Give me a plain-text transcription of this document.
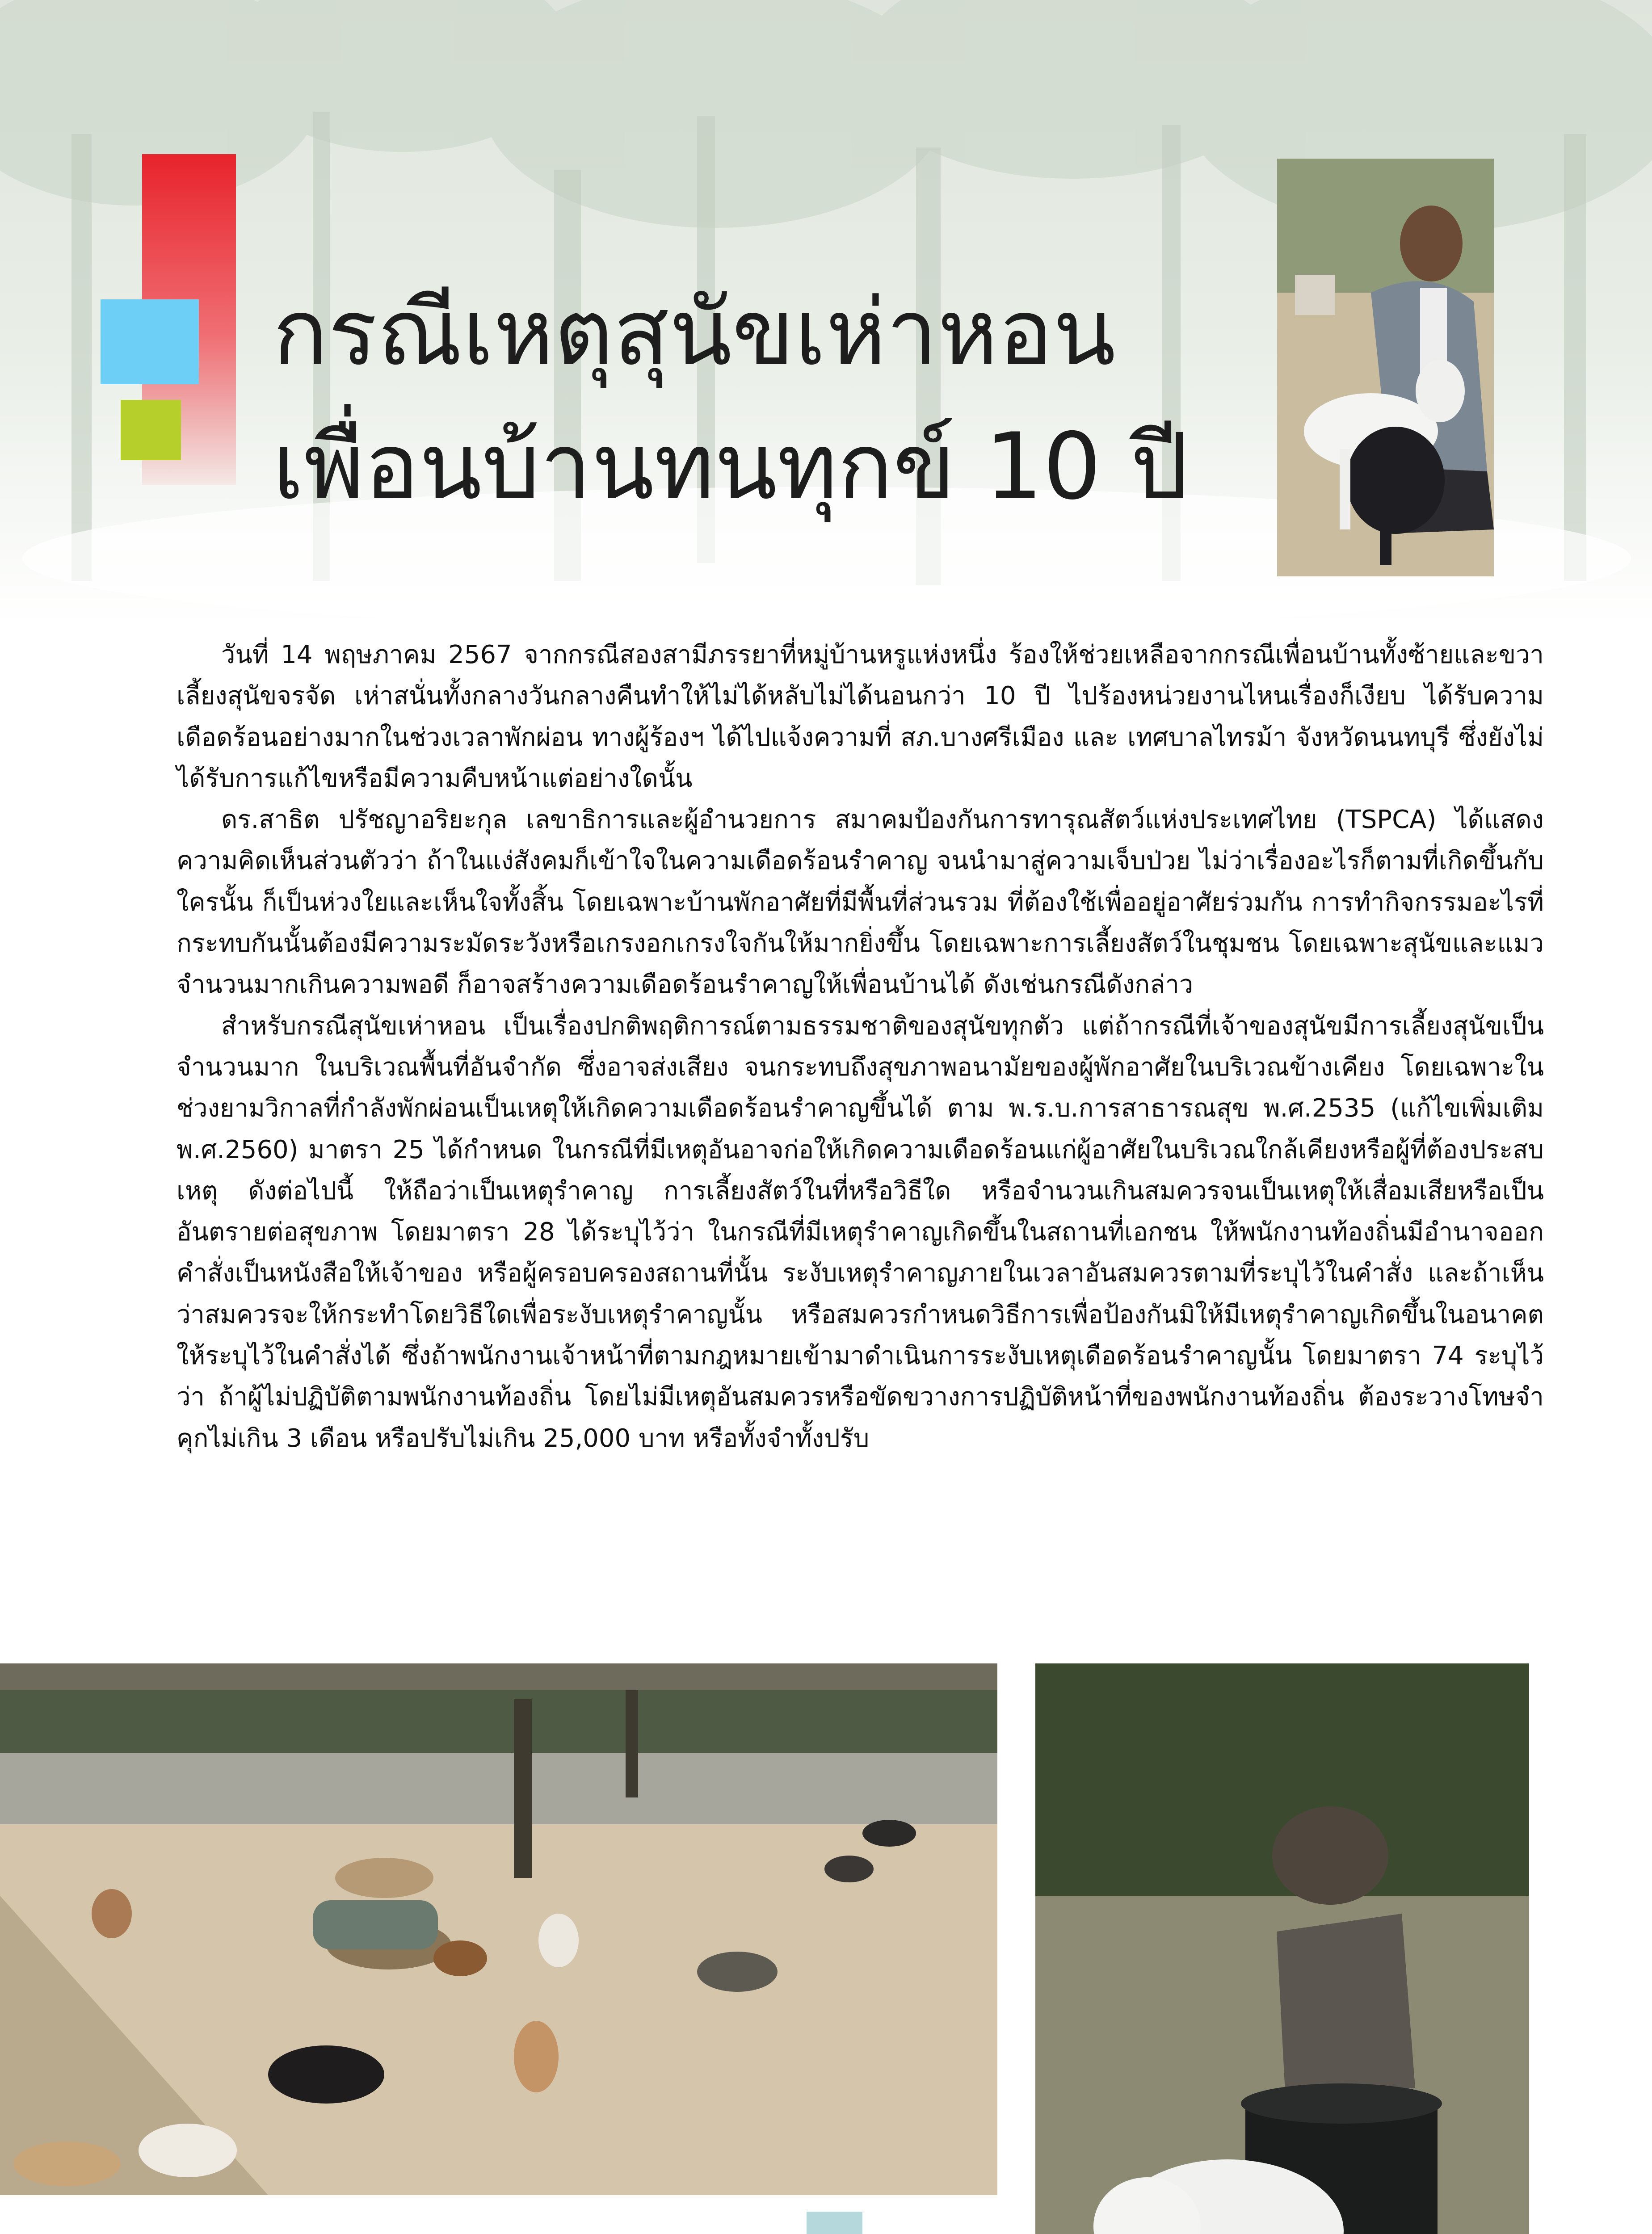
กรณีเหตุสุนัขเห่าหอน
เพื่อนบ้านทนทุกข์ 10 ปี

วันที่ 14 พฤษภาคม 2567 จากกรณีสองสามีภรรยาที่หมู่บ้านหรูแห่งหนึ่ง ร้องให้ช่วยเหลือจากกรณีเพื่อนบ้านทั้งซ้ายและขวา เลี้ยงสุนัขจรจัด เห่าสนั่นทั้งกลางวันกลางคืนทำให้ไม่ได้หลับไม่ได้นอนกว่า 10 ปี ไปร้องหน่วยงานไหนเรื่องก็เงียบ ได้รับความเดือดร้อนอย่างมากในช่วงเวลาพักผ่อน ทางผู้ร้องฯ ได้ไปแจ้งความที่ สภ.บางศรีเมือง และ เทศบาลไทรม้า จังหวัดนนทบุรี ซึ่งยังไม่ได้รับการแก้ไขหรือมีความคืบหน้าแต่อย่างใดนั้น

ดร.สาธิต ปรัชญาอริยะกุล เลขาธิการและผู้อำนวยการ สมาคมป้องกันการทารุณสัตว์แห่งประเทศไทย (TSPCA) ได้แสดงความคิดเห็นส่วนตัวว่า ถ้าในแง่สังคมก็เข้าใจในความเดือดร้อนรำคาญ จนนำมาสู่ความเจ็บป่วย ไม่ว่าเรื่องอะไรก็ตามที่เกิดขึ้นกับใครนั้น ก็เป็นห่วงใยและเห็นใจทั้งสิ้น โดยเฉพาะบ้านพักอาศัยที่มีพื้นที่ส่วนรวม ที่ต้องใช้เพื่ออยู่อาศัยร่วมกัน การทำกิจกรรมอะไรที่กระทบกันนั้นต้องมีความระมัดระวังหรือเกรงอกเกรงใจกันให้มากยิ่งขึ้น โดยเฉพาะการเลี้ยงสัตว์ในชุมชน โดยเฉพาะสุนัขและแมว จำนวนมากเกินความพอดี ก็อาจสร้างความเดือดร้อนรำคาญให้เพื่อนบ้านได้ ดังเช่นกรณีดังกล่าว

สำหรับกรณีสุนัขเห่าหอน เป็นเรื่องปกติพฤติการณ์ตามธรรมชาติของสุนัขทุกตัว แต่ถ้ากรณีที่เจ้าของสุนัขมีการเลี้ยงสุนัขเป็นจำนวนมาก ในบริเวณพื้นที่อันจำกัด ซึ่งอาจส่งเสียง จนกระทบถึงสุขภาพอนามัยของผู้พักอาศัยในบริเวณข้างเคียง โดยเฉพาะในช่วงยามวิกาลที่กำลังพักผ่อนเป็นเหตุให้เกิดความเดือดร้อนรำคาญขึ้นได้ ตาม พ.ร.บ.การสาธารณสุข พ.ศ.2535 (แก้ไขเพิ่มเติม พ.ศ.2560) มาตรา 25 ได้กำหนด ในกรณีที่มีเหตุอันอาจก่อให้เกิดความเดือดร้อนแก่ผู้อาศัยในบริเวณใกล้เคียงหรือผู้ที่ต้องประสบเหตุ ดังต่อไปนี้ ให้ถือว่าเป็นเหตุรำคาญ การเลี้ยงสัตว์ในที่หรือวิธีใด หรือจำนวนเกินสมควรจนเป็นเหตุให้เสื่อมเสียหรือเป็นอันตรายต่อสุขภาพ โดยมาตรา 28 ได้ระบุไว้ว่า ในกรณีที่มีเหตุรำคาญเกิดขึ้นในสถานที่เอกชน ให้พนักงานท้องถิ่นมีอำนาจออกคำสั่งเป็นหนังสือให้เจ้าของ หรือผู้ครอบครองสถานที่นั้น ระงับเหตุรำคาญภายในเวลาอันสมควรตามที่ระบุไว้ในคำสั่ง และถ้าเห็นว่าสมควรจะให้กระทำโดยวิธีใดเพื่อระงับเหตุรำคาญนั้น หรือสมควรกำหนดวิธีการเพื่อป้องกันมิให้มีเหตุรำคาญเกิดขึ้นในอนาคต ให้ระบุไว้ในคำสั่งได้ ซึ่งถ้าพนักงานเจ้าหน้าที่ตามกฎหมายเข้ามาดำเนินการระงับเหตุเดือดร้อนรำคาญนั้น โดยมาตรา 74 ระบุไว้ว่า ถ้าผู้ไม่ปฏิบัติตามพนักงานท้องถิ่น โดยไม่มีเหตุอันสมควรหรือขัดขวางการปฏิบัติหน้าที่ของพนักงานท้องถิ่น ต้องระวางโทษจำคุกไม่เกิน 3 เดือน หรือปรับไม่เกิน 25,000 บาท หรือทั้งจำทั้งปรับ
